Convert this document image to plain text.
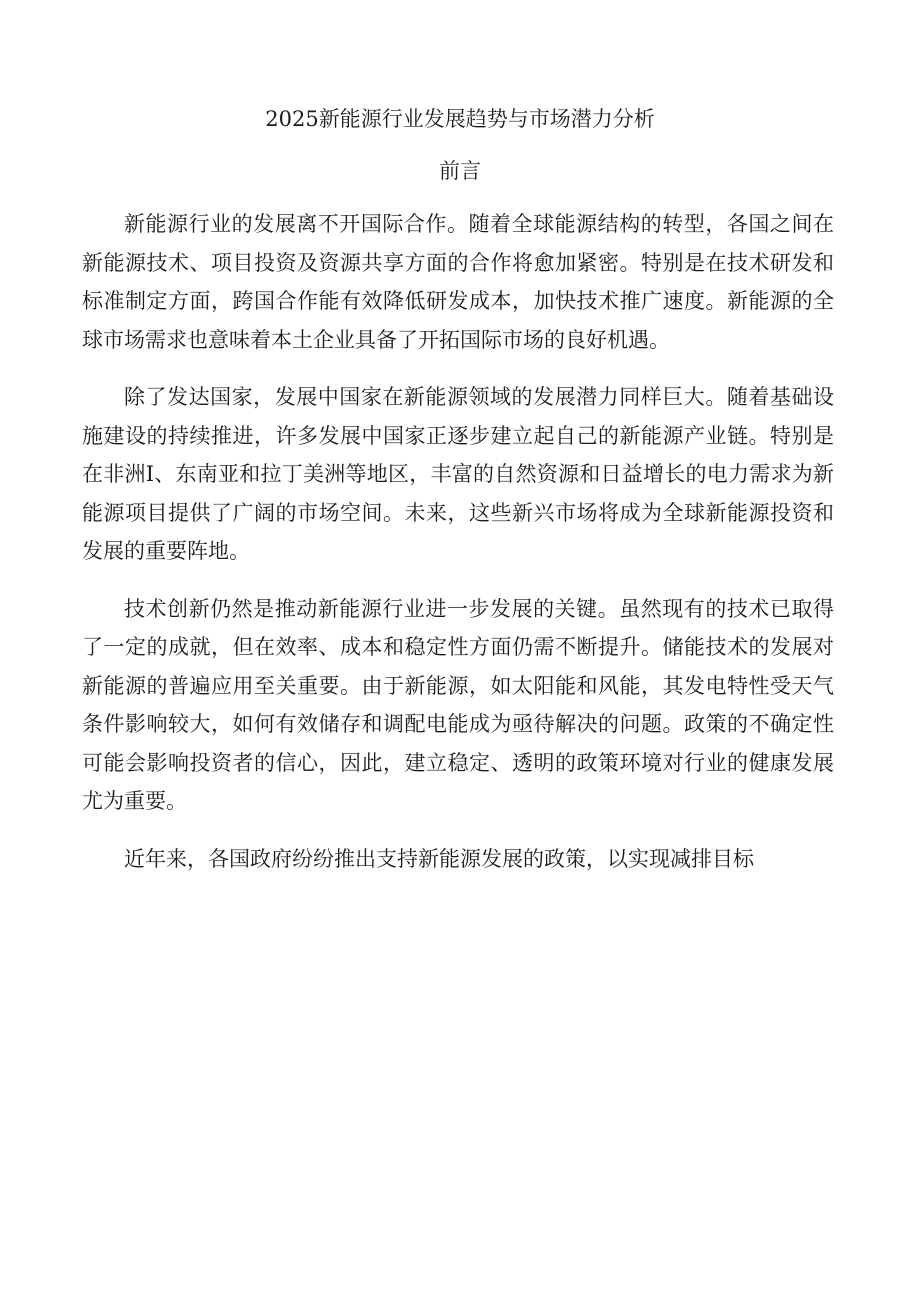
2025新能源行业发展趋势与市场潜力分析
前言

新能源行业的发展离不开国际合作。随着全球能源结构的转型，各国之间在新能源技术、项目投资及资源共享方面的合作将愈加紧密。特别是在技术研发和标准制定方面，跨国合作能有效降低研发成本，加快技术推广速度。新能源的全球市场需求也意味着本土企业具备了开拓国际市场的良好机遇。

除了发达国家，发展中国家在新能源领域的发展潜力同样巨大。随着基础设施建设的持续推进，许多发展中国家正逐步建立起自己的新能源产业链。特别是在非洲I、东南亚和拉丁美洲等地区，丰富的自然资源和日益增长的电力需求为新能源项目提供了广阔的市场空间。未来，这些新兴市场将成为全球新能源投资和发展的重要阵地。

技术创新仍然是推动新能源行业进一步发展的关键。虽然现有的技术已取得了一定的成就，但在效率、成本和稳定性方面仍需不断提升。储能技术的发展对新能源的普遍应用至关重要。由于新能源，如太阳能和风能，其发电特性受天气条件影响较大，如何有效储存和调配电能成为亟待解决的问题。政策的不确定性可能会影响投资者的信心，因此，建立稳定、透明的政策环境对行业的健康发展尤为重要。

近年来，各国政府纷纷推出支持新能源发展的政策，以实现减排目标
